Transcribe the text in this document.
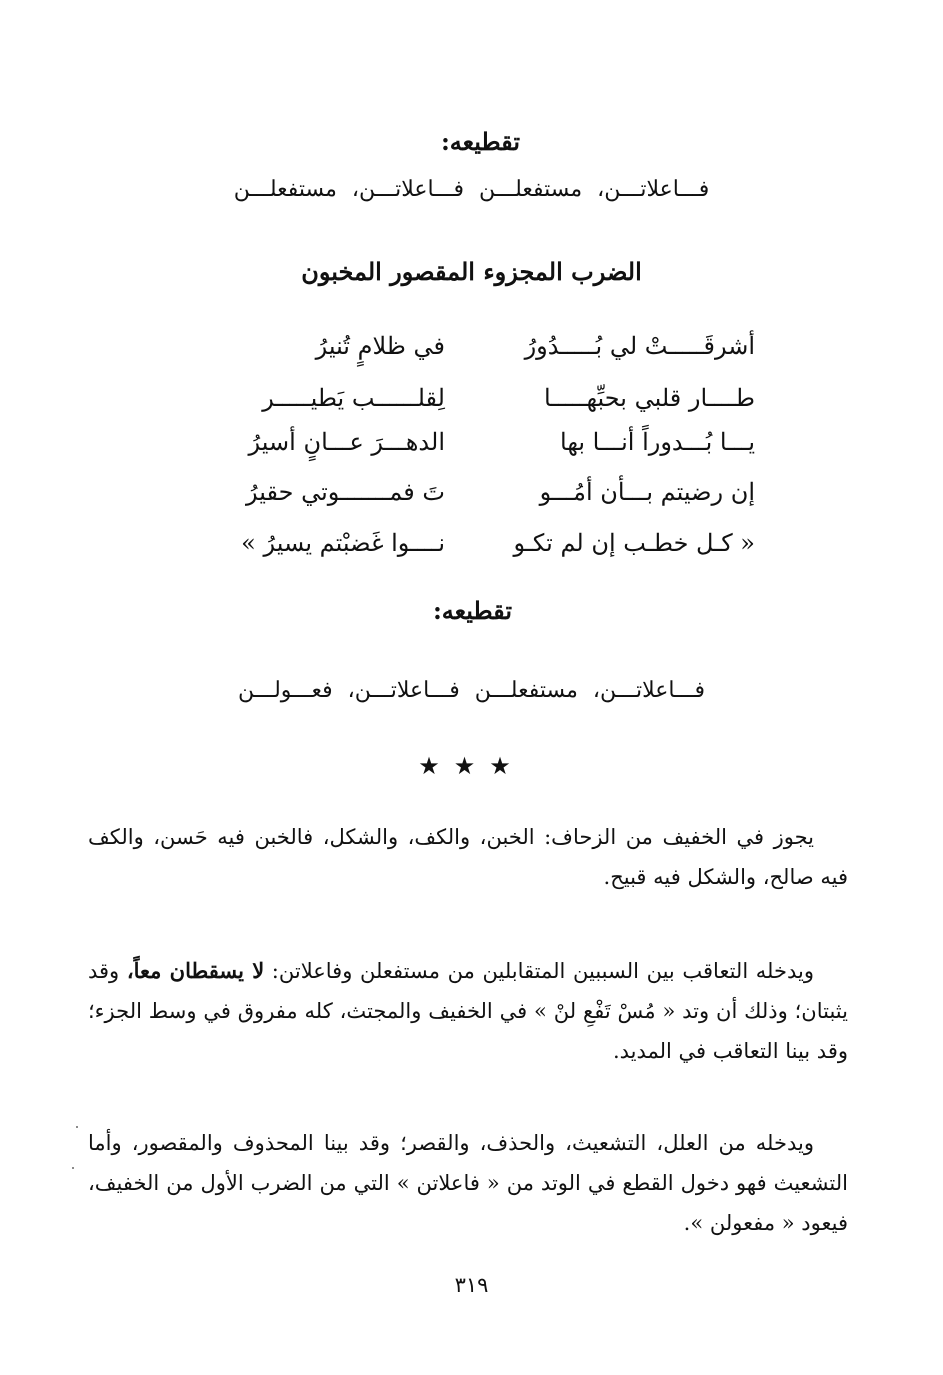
تقطيعه:
فـــاعلاتـــن، مستفعلـــن فـــاعلاتـــن، مستفعلـــن
الضرب المجزوء المقصور المخبون
أشرقَـــــتْ لي بُـــــدُورُ
في ظلامٍ تُنيرُ
طــــار قلبي بحبِّهـــــا
لِقلــــــب يَطيـــــر
يـــا بُـــدوراً أنـــا بها
الدهـــرَ عـــانٍ أسيرُ
إن رضيتم بـــأن أمُـــو
تَ فمـــــــوتي حقيرُ
« كـل خطـب إن لم تكـو
نــــوا غَضبْتم يسيرُ »
تقطيعه:
فـــاعلاتـــن، مستفعلـــن فـــاعلاتـــن، فعـــولـــن
★★★
يجوز في الخفيف من الزحاف: الخبن، والكف، والشكل، فالخبن فيه حَسن، والكف فيه صالح، والشكل فيه قبيح.
ويدخله التعاقب بين السببين المتقابلين من مستفعلن وفاعلاتن: لا يسقطان معاً، وقد يثبتان؛ وذلك أن وتد « مُسْ تَفْعِ لنْ » في الخفيف والمجتث، كله مفروق في وسط الجزء؛ وقد بينا التعاقب في المديد.
ويدخله من العلل، التشعيث، والحذف، والقصر؛ وقد بينا المحذوف والمقصور، وأما التشعيث فهو دخول القطع في الوتد من « فاعلاتن » التي من الضرب الأول من الخفيف، فيعود « مفعولن ».
٣١٩
